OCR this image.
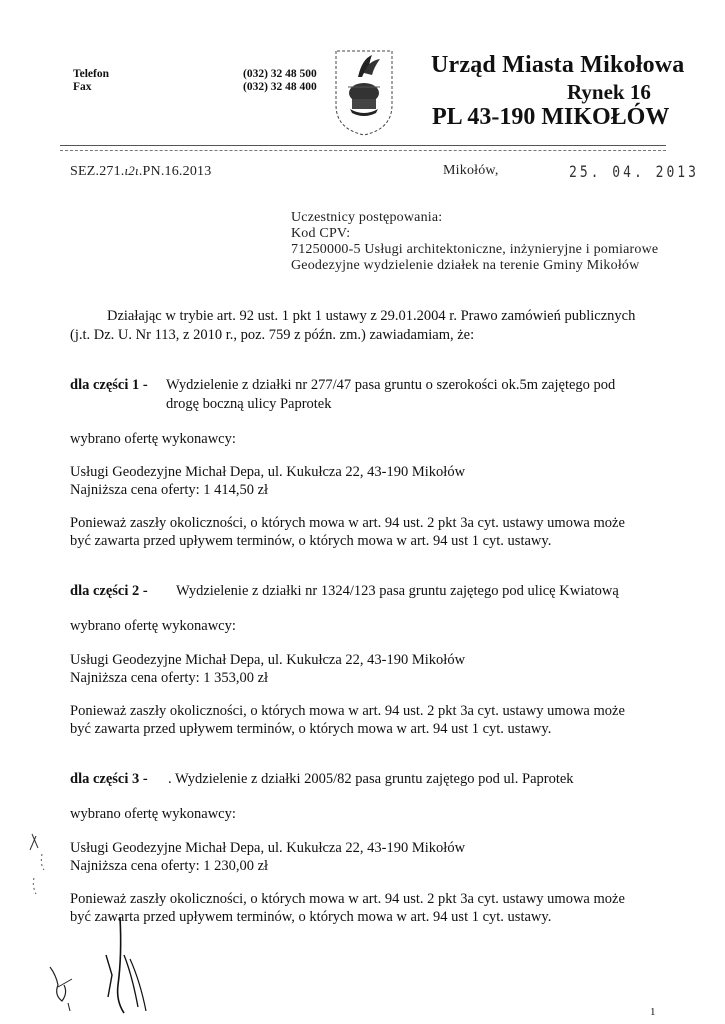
Telefon
Fax
(032) 32 48 500
(032) 32 48 400
Urząd Miasta Mikołowa
Rynek 16
PL 43-190 MIKOŁÓW
SEZ.271.ι2ι.PN.16.2013	Mikołów,	25. 04. 2013
Uczestnicy postępowania:
Kod CPV:
71250000-5 Usługi architektoniczne, inżynieryjne i pomiarowe
Geodezyjne wydzielenie działek na terenie Gminy Mikołów
Działając w trybie art. 92 ust. 1 pkt 1 ustawy z 29.01.2004 r. Prawo zamówień publicznych
(j.t. Dz. U. Nr 113, z 2010 r., poz. 759 z późn. zm.) zawiadamiam, że:
dla części 1 - Wydzielenie z działki nr 277/47 pasa gruntu o szerokości ok.5m zajętego pod
drogę boczną ulicy Paprotek
wybrano ofertę wykonawcy:
Usługi Geodezyjne Michał Depa, ul. Kukułcza 22, 43-190 Mikołów
Najniższa cena oferty: 1 414,50 zł
Ponieważ zaszły okoliczności, o których mowa w art. 94 ust. 2 pkt 3a cyt. ustawy umowa może
być zawarta przed upływem terminów, o których mowa w art. 94 ust 1 cyt. ustawy.
dla części 2 - Wydzielenie z działki nr 1324/123 pasa gruntu zajętego pod ulicę Kwiatową
wybrano ofertę wykonawcy:
Usługi Geodezyjne Michał Depa, ul. Kukułcza 22, 43-190 Mikołów
Najniższa cena oferty: 1 353,00 zł
Ponieważ zaszły okoliczności, o których mowa w art. 94 ust. 2 pkt 3a cyt. ustawy umowa może
być zawarta przed upływem terminów, o których mowa w art. 94 ust 1 cyt. ustawy.
dla części 3 - . Wydzielenie z działki 2005/82 pasa gruntu zajętego pod ul. Paprotek
wybrano ofertę wykonawcy:
Usługi Geodezyjne Michał Depa, ul. Kukułcza 22, 43-190 Mikołów
Najniższa cena oferty: 1 230,00 zł
Ponieważ zaszły okoliczności, o których mowa w art. 94 ust. 2 pkt 3a cyt. ustawy umowa może
być zawarta przed upływem terminów, o których mowa w art. 94 ust 1 cyt. ustawy.
1
